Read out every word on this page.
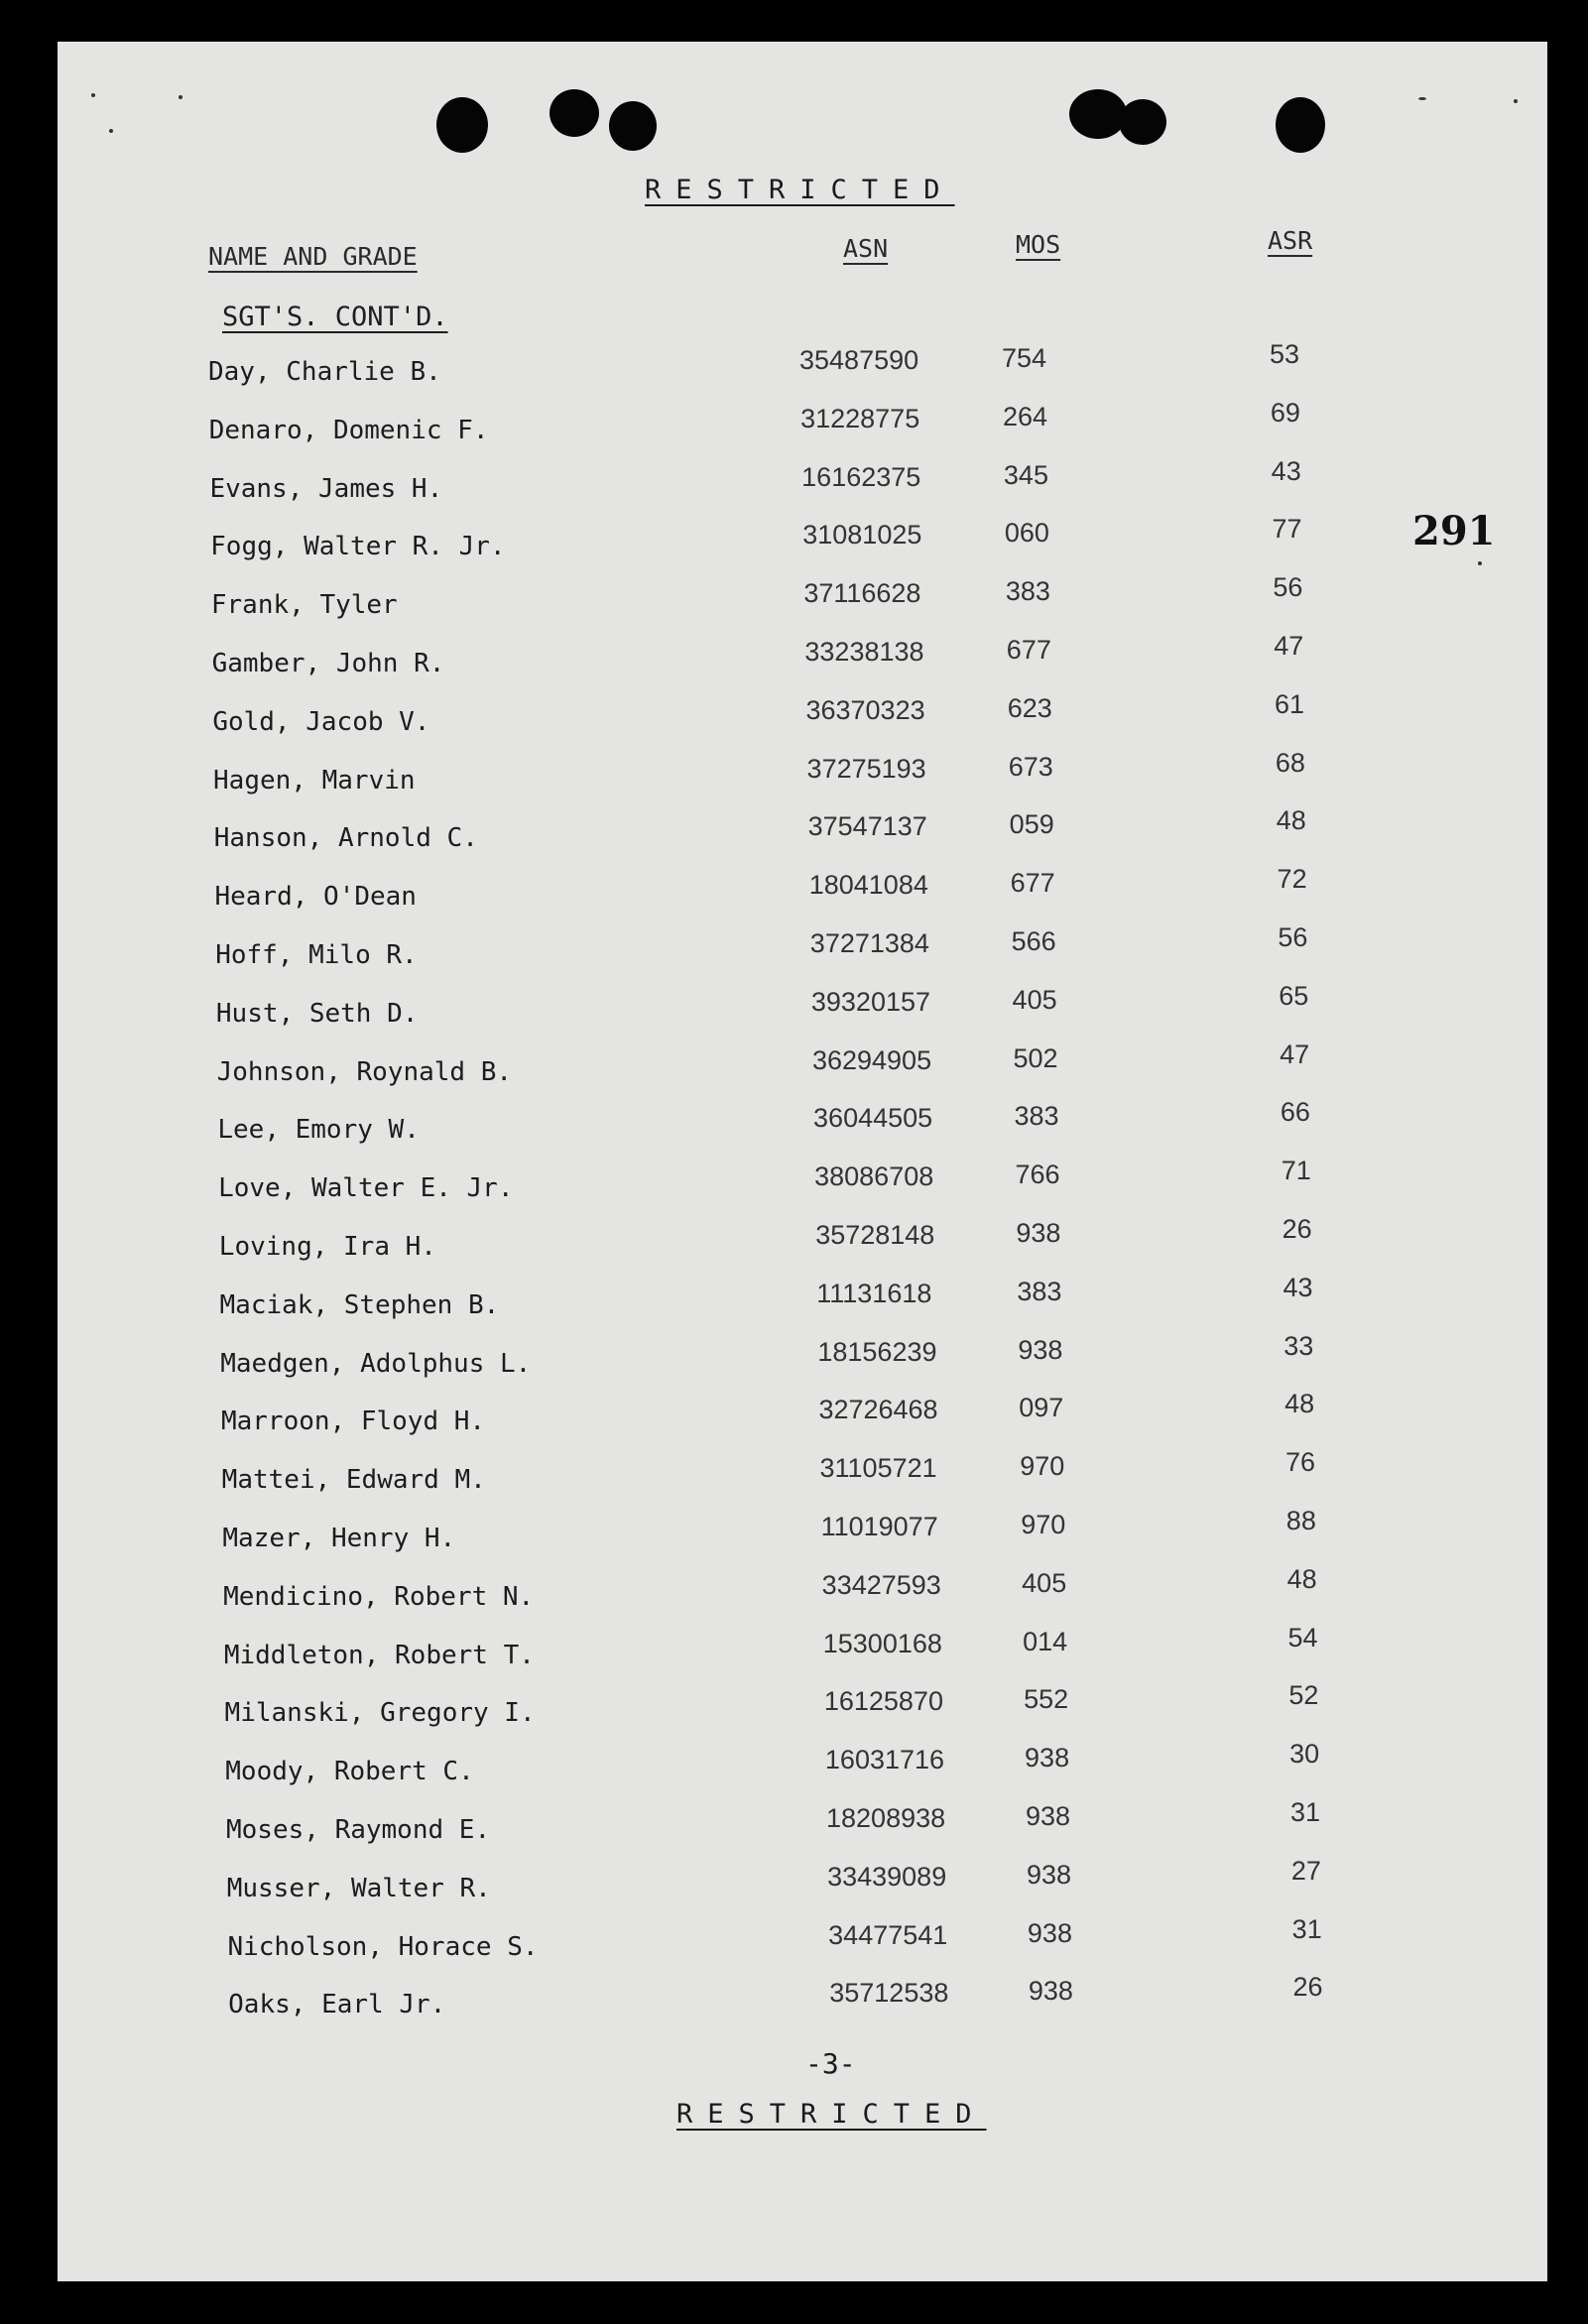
RESTRICTED
NAME AND GRADE	ASN	MOS	ASR
SGT'S. CONT'D.
291
Day, Charlie B.	35487590	754	53
Denaro, Domenic F.	31228775	264	69
Evans, James H.	16162375	345	43
Fogg, Walter R. Jr.	31081025	060	77
Frank, Tyler	37116628	383	56
Gamber, John R.	33238138	677	47
Gold, Jacob V.	36370323	623	61
Hagen, Marvin	37275193	673	68
Hanson, Arnold C.	37547137	059	48
Heard, O'Dean	18041084	677	72
Hoff, Milo R.	37271384	566	56
Hust, Seth D.	39320157	405	65
Johnson, Roynald B.	36294905	502	47
Lee, Emory W.	36044505	383	66
Love, Walter E. Jr.	38086708	766	71
Loving, Ira H.	35728148	938	26
Maciak, Stephen B.	11131618	383	43
Maedgen, Adolphus L.	18156239	938	33
Marroon, Floyd H.	32726468	097	48
Mattei, Edward M.	31105721	970	76
Mazer, Henry H.	11019077	970	88
Mendicino, Robert N.	33427593	405	48
Middleton, Robert T.	15300168	014	54
Milanski, Gregory I.	16125870	552	52
Moody, Robert C.	16031716	938	30
Moses, Raymond E.	18208938	938	31
Musser, Walter R.	33439089	938	27
Nicholson, Horace S.	34477541	938	31
Oaks, Earl Jr.	35712538	938	26
-3-
RESTRICTED
